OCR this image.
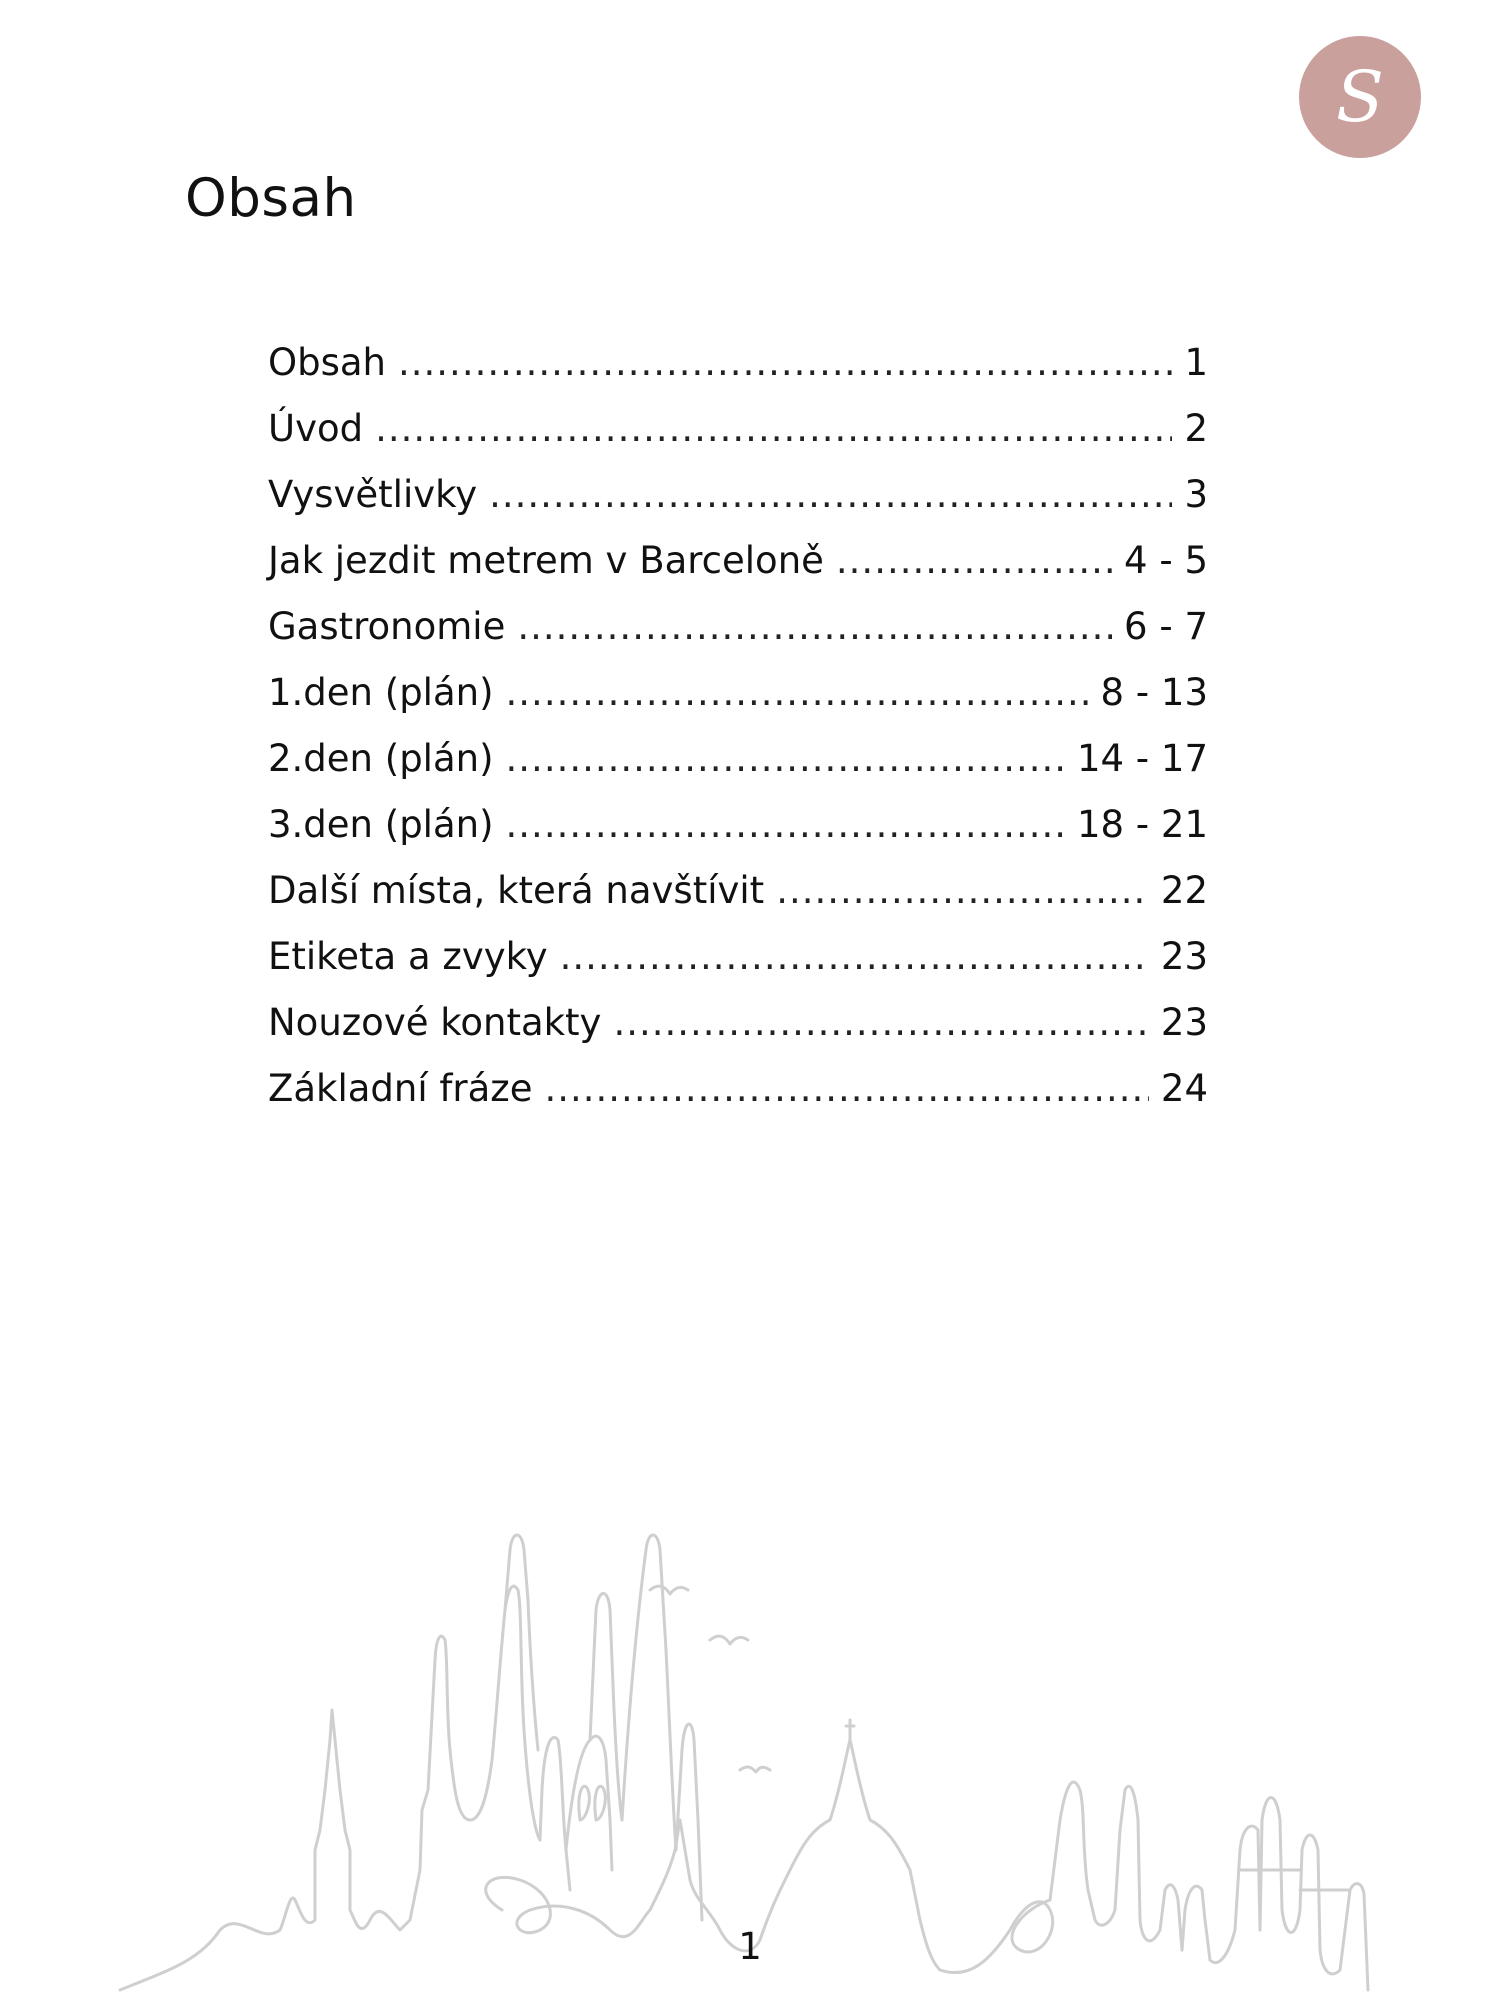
S
Obsah
Obsah .....	1
Úvod .....	2
Vysvětlivky .....	3
Jak jezdit metrem v Barceloně .....	4 - 5
Gastronomie .....	6 - 7
1.den (plán) .....	8 - 13
2.den (plán) .....	14 - 17
3.den (plán) .....	18 - 21
Další místa, která navštívit .....	22
Etiketa a zvyky .....	23
Nouzové kontakty .....	23
Základní fráze .....	24
1
